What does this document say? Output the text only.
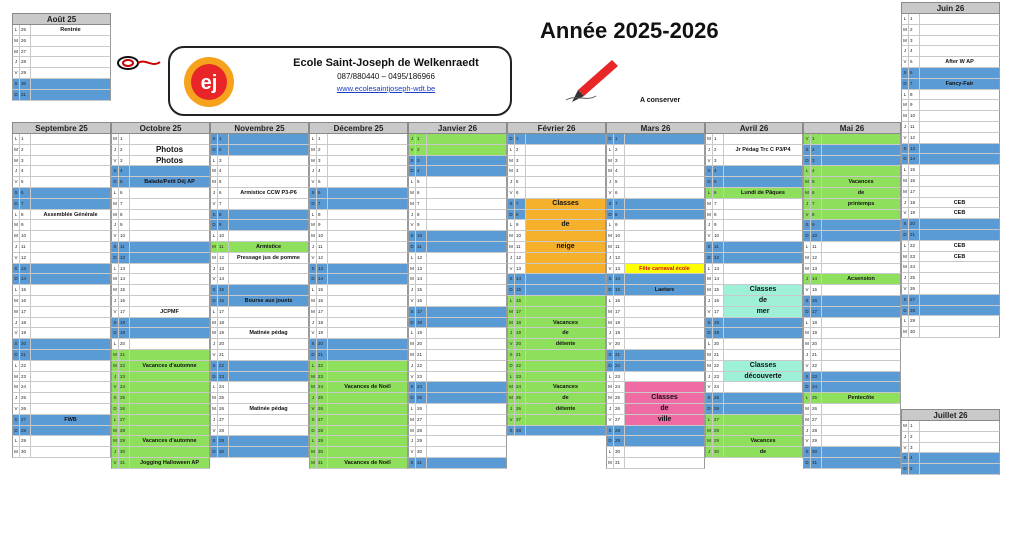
Année 2025-2026
ej
Ecole Saint-Joseph de Welkenraedt
087/880440 – 0495/186966
www.ecolesaintjoseph-wdt.be
A conserver
Août 25
L 25	Rentrée
M 26
M 27
J 28
V 29
S 30
D 31
Septembre 25
L 1
M 2
M 3
J 4
V 5
S 6
D 7
L 8	Assemblée Générale
M 9
M 10
J 11
V 12
S 13
D 14
L 15
M 16
M 17
J 18
V 19
S 20
D 21
L 22
M 23
M 24
J 25
V 26
S 27	FWB
D 28
L 29
M 30
Octobre 25
M 1
J 2	Photos
V 3	Photos
S 4
D 5	Balade/Petit Déj AP
L 6
M 7
M 8
J 9
V 10
S 11
D 12
L 13
M 14
M 15
J 16
V 17	JCPMF
S 18
D 19
L 20
M 21
M 22	Vacances d'automne
J 23
V 24
S 25
D 26
L 27
M 28
M 29	Vacances d'automne
J 30
V 31	Jogging Halloween AP
Novembre 25
S 1
D 2
L 3
M 4
M 5
J 6	Armistice CCW P3-P6
V 7
S 8
D 9
L 10
M 11	Armistice
M 12	Pressage jus de pomme
J 13
V 14
S 15
D 16	Bourse aux jouets
L 17
M 18
M 19	Matinée pédag
J 20
V 21
S 22
D 23
L 24
M 25
M 26	Matinée pédag
J 27
V 28
S 29
D 30
Décembre 25
L 1
M 2
M 3
J 4
V 5
S 6
D 7
L 8
M 9
M 10
J 11
V 12
S 13
D 14
L 15
M 16
M 17
J 18
V 19
S 20
D 21
L 22
M 23
M 24	Vacances de Noël
J 25
V 26
S 27
D 28
L 29
M 30
M 31	Vacances de Noël
Janvier 26
J 1
V 2
S 3
D 4
L 5
M 6
M 7
J 8
V 9
S 10
D 11
L 12
M 13
M 14
J 15
V 16
S 17
D 18
L 19
M 20
M 21
J 22
V 23
S 24
D 25
L 26
M 27
M 28
J 29
V 30
S 31
Février 26
D 1
L 2
M 3
M 4
J 5
V 6
S 7	Classes
D 8
L 9	de
M 10
M 11	neige
J 12
V 13
S 14
D 15
L 16
M 17
M 18	Vacances
J 19	de
V 20	détente
S 21
D 22
L 23
M 24	Vacances
M 25	de
J 26	détente
V 27
S 28
Mars 26
D 1
L 2
M 3
M 4
J 5
V 6
S 7
D 8
L 9
M 10
M 11
J 12
V 13	Fête carnaval école
S 14
D 15	Laetare
L 16
M 17
M 18
J 19
V 20
S 21
D 22
L 23
M 24
M 25	Classes
J 26	de
V 27	ville
S 28
D 29
L 30
M 31
Avril 26
M 1
J 2	Jr Pédag Trc C P3/P4
V 3
S 4
D 5
L 6	Lundi de Pâques
M 7
M 8
J 9
V 10
S 11
D 12
L 13
M 14
M 15	Classes
J 16	de
V 17	mer
S 18
D 19
L 20
M 21
M 22	Classes
J 23	découverte
V 24
S 25
D 26
L 27
M 28
M 29	Vacances
J 30	de
Mai 26
V 1
S 2
D 3
L 4
M 5	Vacances
M 6	de
J 7	printemps
V 8
S 9
D 10
L 11
M 12
M 13
J 14	Acsension
V 15
S 16
D 17
L 18
M 19
M 20
J 21
V 22
S 23
D 24
L 25	Pentecôte
M 26
M 27
J 28
V 29
S 30
D 31
Juin 26
L 1
M 2
M 3
J 4
V 5	After W AP
S 6
D 7	Fancy-Fair
L 8
M 9
M 10
J 11
V 12
S 13
D 14
L 15
M 16
M 17
J 18	CEB
V 19	CEB
S 20
D 21
L 22	CEB
M 23	CEB
M 24
J 25
V 26
S 27
D 28
L 29
M 30
Juillet 26
M 1
J 2
V 3
S 4
D 5
